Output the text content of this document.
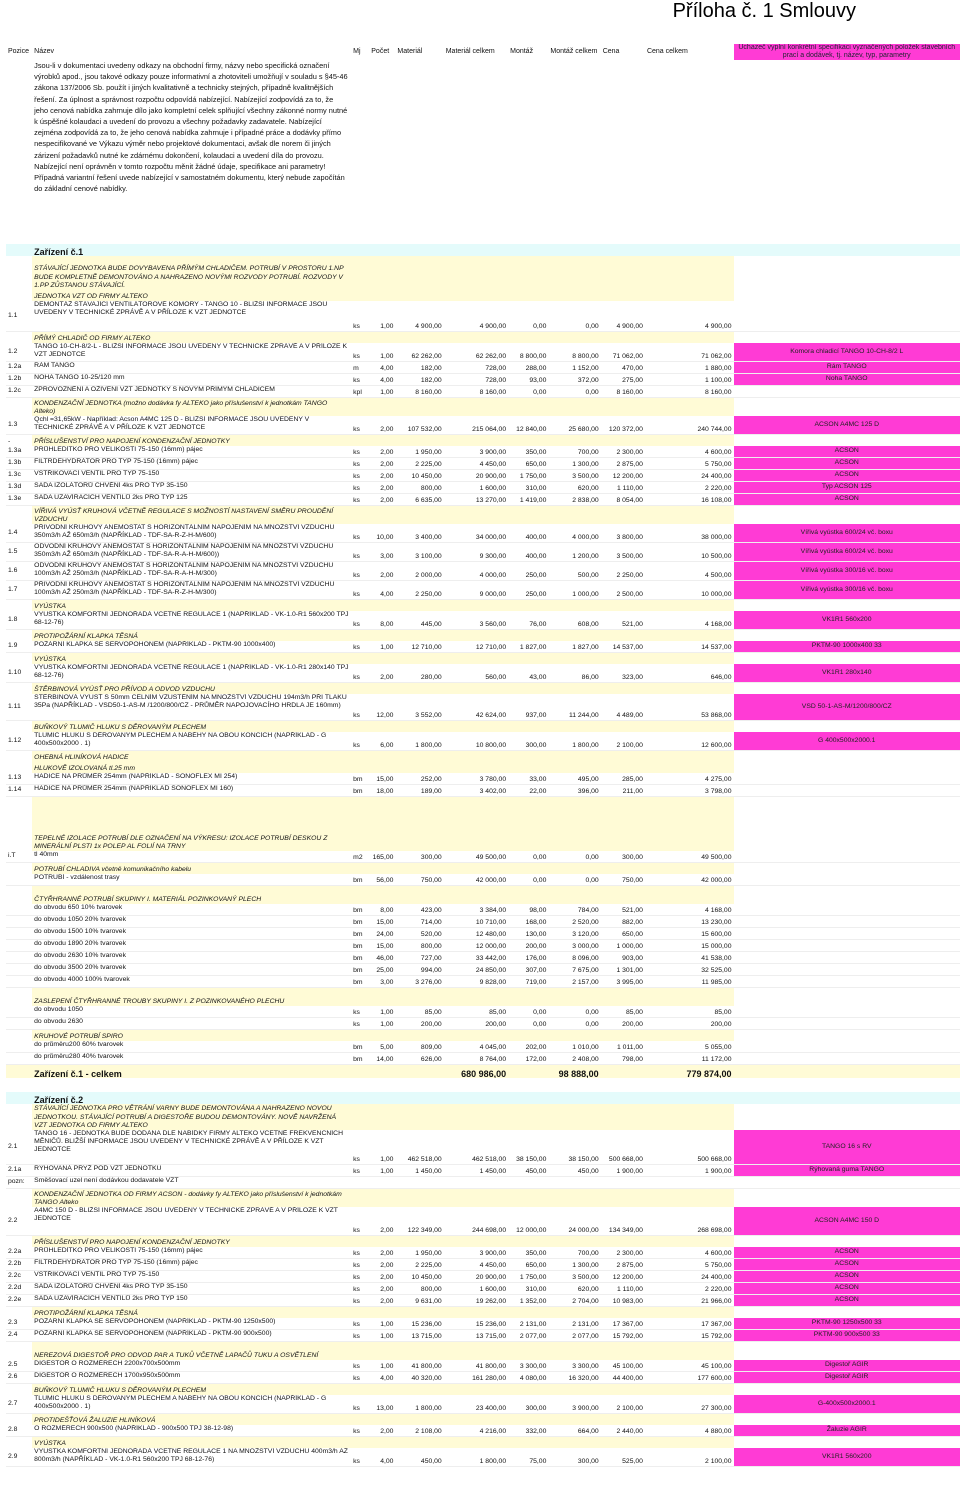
Příloha č. 1 Smlouvy
Pozice	Název	Mj	Počet	Materiál	Materiál celkem	Montáž	Montáž celkem	Cena	Cena celkem	Uchazeč vyplní konkrétní specifikaci vyznačených položek stavebních prací a dodávek, tj. název, typ, parametry
	Jsou-li v dokumentaci uvedeny odkazy na obchodní firmy, názvy nebo specifická označení výrobků apod., jsou takové odkazy pouze informativní a zhotoviteli umožňují v souladu s §45-46 zákona 137/2006 Sb. použít i jiných kvalitativně a technicky stejných, případně kvalitnějších řešení. Za úplnost a správnost rozpočtu odpovídá nabízející. Nabízející zodpovídá za to, že jeho cenová nabídka zahrnuje dílo jako kompletní celek splňující všechny zákonné normy nutné k úspěšné kolaudaci a uvedení do provozu a všechny požadavky zadavatele. Nabízející zejména zodpovídá za to, že jeho cenová nabídka zahrnuje i případné práce a dodávky přímo nespecifikované ve Výkazu výměr nebo projektové dokumentaci, avšak dle norem či jiných zárizení požadavků nutné ke zdárnému dokončení, kolaudaci a uvedení díla do provozu. Nabízející není oprávněn v tomto rozpočtu měnit žádné údaje, specifikace ani parametry! Případná variantní řešení uvede nabízející v samostatném dokumentu, který nebude započítán do základní cenové nabídky.									
	Zařízení č.1									
	STÁVAJÍCÍ JEDNOTKA BUDE DOVYBAVENA PŘÍMÝM CHLADIČEM. POTRUBÍ V PROSTORU 1.NP BUDE KOMPLETNĚ DEMONTOVÁNO A NAHRAZENO NOVÝMI ROZVODY POTRUBÍ. ROZVODY V 1.PP ZŮSTANOU STÁVAJÍCÍ.									
	JEDNOTKA VZT OD FIRMY ALTEKO									
1.1	DEMONTÁŽ STÁVAJÍCÍ VENTILÁTOROVÉ KOMORY - TANGO 10 - BLIŽŠÍ INFORMACE JSOU UVEDENY V TECHNICKÉ ZPRÁVĚ A V PŘÍLOZE K VZT JEDNOTCE	ks	1,00	4 900,00	4 900,00	0,00	0,00	4 900,00	4 900,00	
	PŘÍMÝ CHLADIČ OD FIRMY ALTEKO									
1.2	TANGO 10-CH-8/2-L - BLIŽŠÍ INFORMACE JSOU UVEDENY V TECHNICKÉ ZPRÁVĚ A V PŘÍLOZE K VZT JEDNOTCE	ks	1,00	62 262,00	62 262,00	8 800,00	8 800,00	71 062,00	71 062,00	Komora chladicí TANGO 10-CH-8/2 L
1.2a	RÁM TANGO	m	4,00	182,00	728,00	288,00	1 152,00	470,00	1 880,00	Rám TANGO
1.2b	NOHA TANGO 10-25/120 mm	ks	4,00	182,00	728,00	93,00	372,00	275,00	1 100,00	Noha TANGO
1.2c	ZPROVOZNĚNÍ A OŽIVENÍ VZT JEDNOTKY S NOVÝM PŘÍMÝM CHLADIČEM	kpl	1,00	8 160,00	8 160,00	0,00	0,00	8 160,00	8 160,00	
	KONDENZAČNÍ JEDNOTKA (možno dodávka fy ALTEKO jako příslušenství k jednotkám TANGO Alteko)									
1.3	Qchl =31,65kW - Například: Acson A4MC 125 D - BLIŽŠÍ INFORMACE JSOU UVEDENY V TECHNICKÉ ZPRÁVĚ A V PŘÍLOZE K VZT JEDNOTCE	ks	2,00	107 532,00	215 064,00	12 840,00	25 680,00	120 372,00	240 744,00	ACSON A4MC 125 D
-	PŘÍSLUŠENSTVÍ PRO NAPOJENÍ KONDENZAČNÍ JEDNOTKY									
1.3a	PRŮHLEDÍTKO PRO VELIKOSTI 75-150 (16mm) pájec	ks	2,00	1 950,00	3 900,00	350,00	700,00	2 300,00	4 600,00	ACSON
1.3b	FILTRDEHYDRÁTOR PRO TYP 75-150 (16mm) pájec	ks	2,00	2 225,00	4 450,00	650,00	1 300,00	2 875,00	5 750,00	ACSON
1.3c	VSTŘIKOVACÍ VENTIL PRO TYP 75-150	ks	2,00	10 450,00	20 900,00	1 750,00	3 500,00	12 200,00	24 400,00	ACSON
1.3d	SADA IZOLÁTORŮ CHVĚNÍ 4ks PRO TYP 35-150	ks	2,00	800,00	1 600,00	310,00	620,00	1 110,00	2 220,00	Typ ACSON 125
1.3e	SADA UZAVÍRACÍCH VENTILŮ 2ks PRO TYP 125	ks	2,00	6 635,00	13 270,00	1 419,00	2 838,00	8 054,00	16 108,00	ACSON
	VÍŘIVÁ VYÚSŤ KRUHOVÁ VČETNĚ REGULACE S MOŽNOSTÍ NASTAVENÍ SMĚRU PROUDĚNÍ VZDUCHU									
1.4	PŘIVODNÍ KRUHOVÝ ANEMOSTAT S HORIZONTÁLNÍM NAPOJENÍM NA MNOŽSTVÍ VZDUCHU 350m3/h AŽ 650m3/h (NAPŘÍKLAD - TDF-SA-R-Z-H-M/600)	ks	10,00	3 400,00	34 000,00	400,00	4 000,00	3 800,00	38 000,00	Vířivá vyústka 600/24 vč. boxu
1.5	ODVODNÍ KRUHOVÝ ANEMOSTAT S HORIZONTÁLNÍM NAPOJENÍM NA MNOŽSTVÍ VZDUCHU 350m3/h AŽ 650m3/h (NAPŘÍKLAD - TDF-SA-R-A-H-M/600))	ks	3,00	3 100,00	9 300,00	400,00	1 200,00	3 500,00	10 500,00	Vířivá vyústka 600/24 vč. boxu
1.6	ODVODNÍ KRUHOVÝ ANEMOSTAT S HORIZONTÁLNÍM NAPOJENÍM NA MNOŽSTVÍ VZDUCHU 100m3/h AŽ 250m3/h (NAPŘÍKLAD - TDF-SA-R-A-H-M/300)	ks	2,00	2 000,00	4 000,00	250,00	500,00	2 250,00	4 500,00	Vířivá vyústka 300/16 vč. boxu
1.7	PŘIVODNÍ KRUHOVÝ ANEMOSTAT S HORIZONTÁLNÍM NAPOJENÍM NA MNOŽSTVÍ VZDUCHU 100m3/h AŽ 250m3/h (NAPŘÍKLAD - TDF-SA-R-Z-H-M/300)	ks	4,00	2 250,00	9 000,00	250,00	1 000,00	2 500,00	10 000,00	Vířivá vyústka 300/16 vč. boxu
	VYÚSTKA									
1.8	VYÚSTKA KOMFORTNÍ JEDNOŘADÁ VČETNĚ REGULACE 1 (NAPŘÍKLAD - VK-1.0-R1 560x200 TPJ 68-12-76)	ks	8,00	445,00	3 560,00	76,00	608,00	521,00	4 168,00	VK1R1 560x200
	PROTIPOŽÁRNÍ KLAPKA TĚSNÁ									
1.9	POŽÁRNÍ KLAPKA SE SERVOPOHONEM (NAPŘÍKLAD - PKTM-90 1000x400)	ks	1,00	12 710,00	12 710,00	1 827,00	1 827,00	14 537,00	14 537,00	PKTM-90 1000x400 33
	VYÚSTKA									
1.10	VYÚSTKA KOMFORTNÍ JEDNOŘADÁ VČETNĚ REGULACE 1 (NAPŘÍKLAD - VK-1.0-R1 280x140 TPJ 68-12-76)	ks	2,00	280,00	560,00	43,00	86,00	323,00	646,00	VK1R1 280x140
	ŠTĚRBINOVÁ VYÚSŤ PRO PŘÍVOD A ODVOD VZDUCHU									
1.11	ŠTĚRBINOVÁ VYÚSŤ S 50mm ČELNÍM VZUSTĚNÍM NA MNOŽSTVÍ VZDUCHU 194m3/h PŘI TLAKU 35Pa (NAPŘÍKLAD - VSD50-1-AS-M /1200/800/CZ - PRŮMĚR NAPOJOVACÍHO HRDLA JE 160mm)	ks	12,00	3 552,00	42 624,00	937,00	11 244,00	4 489,00	53 868,00	VSD 50-1-AS-M/1200/800/CZ
	BUŇKOVÝ TLUMIČ HLUKU S DĚROVANÝM PLECHEM									
1.12	TLUMIČ HLUKU S DĚROVANÝM PLECHEM A NÁBĚHY NA OBOU KONCÍCH (NAPŘÍKLAD - G 400x500x2000 . 1)	ks	6,00	1 800,00	10 800,00	300,00	1 800,00	2 100,00	12 600,00	G 400x500x2000.1
	OHEBNÁ HLINÍKOVÁ HADICE									
	HLUKOVĚ IZOLOVANÁ tl.25 mm									
1.13	HADICE NA PRŮMĚR 254mm (NAPŘÍKLAD - SONOFLEX MI 254)	bm	15,00	252,00	3 780,00	33,00	495,00	285,00	4 275,00	
1.14	HADICE NA PRŮMĚR 254mm (NAPŘÍKLAD SONOFLEX MI 160)	bm	18,00	189,00	3 402,00	22,00	396,00	211,00	3 798,00	
	TEPELNÉ IZOLACE POTRUBÍ DLE OZNAČENÍ NA VÝKRESU: IZOLACE POTRUBÍ DESKOU Z MINERÁLNÍ PLSTI 1x POLEP AL FOLIÍ NA TRNY									
i.T	tl 40mm	m2	165,00	300,00	49 500,00	0,00	0,00	300,00	49 500,00	
	POTRUBÍ CHLADIVA včetně komunikačního kabelu									
	POTRUBÍ - vzdálenost trasy	bm	56,00	750,00	42 000,00	0,00	0,00	750,00	42 000,00	
	ČTYŘHRANNÉ POTRUBÍ SKUPINY I. MATERIÁL POZINKOVANÝ PLECH									
	do obvodu 650 10% tvarovek	bm	8,00	423,00	3 384,00	98,00	784,00	521,00	4 168,00	
	do obvodu 1050 20% tvarovek	bm	15,00	714,00	10 710,00	168,00	2 520,00	882,00	13 230,00	
	do obvodu 1500 10% tvarovek	bm	24,00	520,00	12 480,00	130,00	3 120,00	650,00	15 600,00	
	do obvodu 1890 20% tvarovek	bm	15,00	800,00	12 000,00	200,00	3 000,00	1 000,00	15 000,00	
	do obvodu 2630 10% tvarovek	bm	46,00	727,00	33 442,00	176,00	8 096,00	903,00	41 538,00	
	do obvodu 3500 20% tvarovek	bm	25,00	994,00	24 850,00	307,00	7 675,00	1 301,00	32 525,00	
	do obvodu 4000 100% tvarovek	bm	3,00	3 276,00	9 828,00	719,00	2 157,00	3 995,00	11 985,00	
	ZASLEPENÍ ČTYŘHRANNÉ TROUBY SKUPINY I. Z POZINKOVANÉHO PLECHU									
	do obvodu 1050	ks	1,00	85,00	85,00	0,00	0,00	85,00	85,00	
	do obvodu 2630	ks	1,00	200,00	200,00	0,00	0,00	200,00	200,00	
	KRUHOVÉ POTRUBÍ SPIRO									
	do průměru200 60% tvarovek	bm	5,00	809,00	4 045,00	202,00	1 010,00	1 011,00	5 055,00	
	do průměru280 40% tvarovek	bm	14,00	626,00	8 764,00	172,00	2 408,00	798,00	11 172,00	
	Zařízení č.1 - celkem				680 986,00		98 888,00		779 874,00	

	Zařízení č.2									
	STÁVAJÍCÍ JEDNOTKA PRO VĚTRÁNÍ VARNY BUDE DEMONTOVÁNA A NAHRAZENO NOVOU JEDNOTKOU. STÁVAJÍCÍ POTRUBÍ A DIGESTOŘE BUDOU DEMONTOVÁNY. NOVĚ NAVRŽENÁ VZT JEDNOTKA OD FIRMY ALTEKO									
2.1	TANGO 16 - JEDNOTKA BUDE DODÁNA DLE NABÍDKY FIRMY ALTEKO VČETNĚ FREKVENČNÍCH MĚNIČŮ. BLIŽŠÍ INFORMACE JSOU UVEDENY V TECHNICKÉ ZPRÁVĚ A V PŘÍLOZE K VZT JEDNOTCE	ks	1,00	462 518,00	462 518,00	38 150,00	38 150,00	500 668,00	500 668,00	TANGO 16 s RV
2.1a	RÝHOVANÁ PRYŽ POD VZT JEDNOTKU	ks	1,00	1 450,00	1 450,00	450,00	450,00	1 900,00	1 900,00	Rýhovaná guma TANGO
pozn:	Směšovací uzel není dodávkou dodavatele VZT									
	KONDENZAČNÍ JEDNOTKA OD FIRMY ACSON - dodávky fy ALTEKO jako příslušenství k jednotkám TANGO Alteko									
2.2	A4MC 150 D - BLIŽŠÍ INFORMACE JSOU UVEDENY V TECHNICKÉ ZPRÁVĚ A V PŘÍLOZE K VZT JEDNOTCE	ks	2,00	122 349,00	244 698,00	12 000,00	24 000,00	134 349,00	268 698,00	ACSON A4MC 150 D
	PŘÍSLUŠENSTVÍ PRO NAPOJENÍ KONDENZAČNÍ JEDNOTKY									
2.2a	PRŮHLEDÍTKO PRO VELIKOSTI 75-150 (16mm) pájec	ks	2,00	1 950,00	3 900,00	350,00	700,00	2 300,00	4 600,00	ACSON
2.2b	FILTRDEHYDRÁTOR PRO TYP 75-150 (16mm) pájec	ks	2,00	2 225,00	4 450,00	650,00	1 300,00	2 875,00	5 750,00	ACSON
2.2c	VSTŘIKOVACÍ VENTIL PRO TYP 75-150	ks	2,00	10 450,00	20 900,00	1 750,00	3 500,00	12 200,00	24 400,00	ACSON
2.2d	SADA IZOLÁTORŮ CHVĚNÍ 4ks PRO TYP 35-150	ks	2,00	800,00	1 600,00	310,00	620,00	1 110,00	2 220,00	ACSON
2.2e	SADA UZAVÍRACÍCH VENTILŮ 2ks PRO TYP 150	ks	2,00	9 631,00	19 262,00	1 352,00	2 704,00	10 983,00	21 966,00	ACSON
	PROTIPOŽÁRNÍ KLAPKA TĚSNÁ									
2.3	POŽÁRNÍ KLAPKA SE SERVOPOHONEM (NAPŘÍKLAD - PKTM-90 1250x500)	ks	1,00	15 236,00	15 236,00	2 131,00	2 131,00	17 367,00	17 367,00	PKTM-90 1250x500 33
2.4	POŽÁRNÍ KLAPKA SE SERVOPOHONEM (NAPŘÍKLAD - PKTM-90 900x500)	ks	1,00	13 715,00	13 715,00	2 077,00	2 077,00	15 792,00	15 792,00	PKTM-90 900x500 33
	NEREZOVÁ DIGESTOŘ PRO ODVOD PAR A TUKŮ VČETNĚ LAPAČŮ TUKU A OSVĚTLENÍ									
2.5	DIGESTOŘ O ROZMĚRECH 2200x700x500mm	ks	1,00	41 800,00	41 800,00	3 300,00	3 300,00	45 100,00	45 100,00	Digestoř AGIR
2.6	DIGESTOŘ O ROZMĚRECH 1700x950x500mm	ks	4,00	40 320,00	161 280,00	4 080,00	16 320,00	44 400,00	177 600,00	Digestoř AGIR
	BUŇKOVÝ TLUMIČ HLUKU S DĚROVANÝM PLECHEM									
2.7	TLUMIČ HLUKU S DĚROVANÝM PLECHEM A NÁBĚHY NA OBOU KONCÍCH (NAPŘÍKLAD - G 400x500x2000 . 1)	ks	13,00	1 800,00	23 400,00	300,00	3 900,00	2 100,00	27 300,00	G-400x500x2000.1
	PROTIDEŠŤOVÁ ŽALUZIE HLINÍKOVÁ									
2.8	O ROZMĚRECH 900x500 (NAPŘÍKLAD - 900x500 TPJ 38-12-98)	ks	2,00	2 108,00	4 216,00	332,00	664,00	2 440,00	4 880,00	Žaluzie AGIR
	VYÚSTKA									
2.9	VYÚSTKA KOMFORTNÍ JEDNOŘADÁ VČETNĚ REGULACE 1 NA MNOŽSTVÍ VZDUCHU 400m3/h AŽ 800m3/h (NAPŘÍKLAD - VK-1.0-R1 560x200 TPJ 68-12-76)	ks	4,00	450,00	1 800,00	75,00	300,00	525,00	2 100,00	VK1R1 560x200
